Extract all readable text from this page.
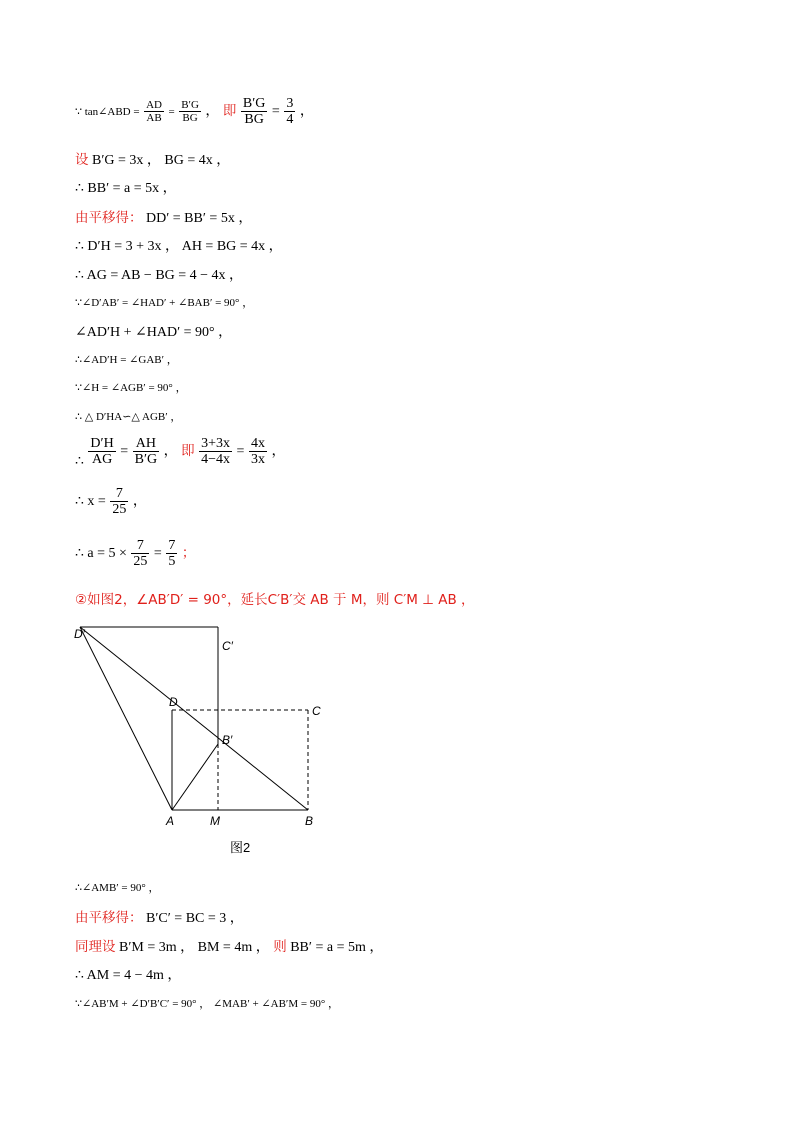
∵ tan∠ABD = $\frac{AD}{AB} = \frac{B'G}{BG}$ ， 即 $\frac{B'G}{BG} = \frac{3}{4}$ ，
设 B′G = 3x ， BG = 4x ，
∴ BB′ = a = 5x ，
由平移得： DD′ = BB′ = 5x ，
∴ D′H = 3 + 3x ， AH = BG = 4x ，
∴ AG = AB − BG = 4 − 4x ，
∵∠D′AB′ = ∠HAD′ + ∠BAB′ = 90° ，
∠AD′H + ∠HAD′ = 90° ，
∴∠AD′H = ∠GAB′ ，
∵∠H = ∠AGB′ = 90° ，
∴ △ D′HA∽△ AGB′ ，
∴ $\frac{D'H}{AG} = \frac{AH}{B'G}$ ， 即 $\frac{3+3x}{4-4x} = \frac{4x}{3x}$ ，
∴ $x = \frac{7}{25}$ ，
∴ $a = 5 \times \frac{7}{25} = \frac{7}{5}$ ；
②如图2，∠AB′D′ = 90°，延长C′B′交 AB 于 M，则 C′M ⊥ AB ，
D′
C′
D
C
B′
A	M	B
图2
∴∠AMB′ = 90° ，
由平移得： B′C′ = BC = 3 ，
同理设 B′M = 3m ， BM = 4m ， 则 BB′ = a = 5m ，
∴ AM = 4 − 4m ，
∵∠AB′M + ∠D′B′C′ = 90° ， ∠MAB′ + ∠AB′M = 90° ，
